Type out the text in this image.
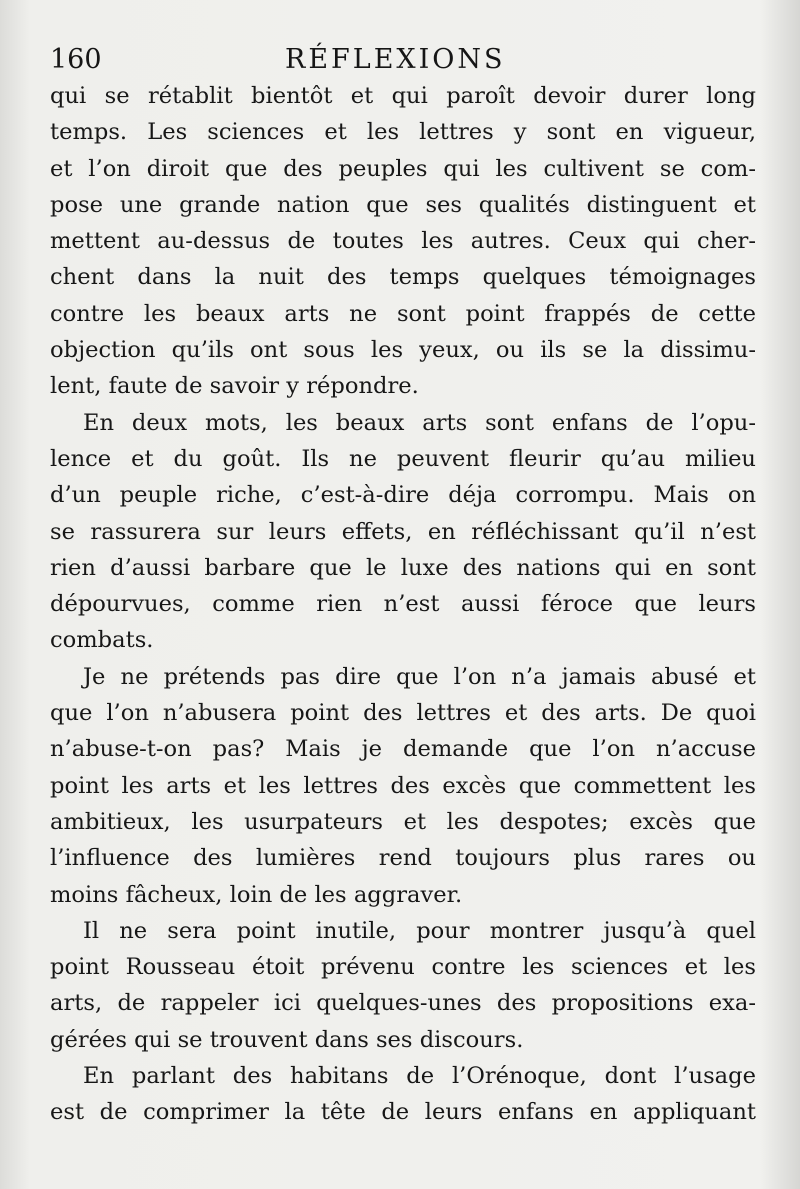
160	RÉFLEXIONS
qui se rétablit bientôt et qui paroît devoir durer long
temps. Les sciences et les lettres y sont en vigueur,
et l’on diroit que des peuples qui les cultivent se com-
pose une grande nation que ses qualités distinguent et
mettent au-dessus de toutes les autres. Ceux qui cher-
chent dans la nuit des temps quelques témoignages
contre les beaux arts ne sont point frappés de cette
objection qu’ils ont sous les yeux, ou ils se la dissimu-
lent, faute de savoir y répondre.
En deux mots, les beaux arts sont enfans de l’opu-
lence et du goût. Ils ne peuvent fleurir qu’au milieu
d’un peuple riche, c’est-à-dire déja corrompu. Mais on
se rassurera sur leurs effets, en réfléchissant qu’il n’est
rien d’aussi barbare que le luxe des nations qui en sont
dépourvues, comme rien n’est aussi féroce que leurs
combats.
Je ne prétends pas dire que l’on n’a jamais abusé et
que l’on n’abusera point des lettres et des arts. De quoi
n’abuse-t-on pas? Mais je demande que l’on n’accuse
point les arts et les lettres des excès que commettent les
ambitieux, les usurpateurs et les despotes; excès que
l’influence des lumières rend toujours plus rares ou
moins fâcheux, loin de les aggraver.
Il ne sera point inutile, pour montrer jusqu’à quel
point Rousseau étoit prévenu contre les sciences et les
arts, de rappeler ici quelques-unes des propositions exa-
gérées qui se trouvent dans ses discours.
En parlant des habitans de l’Orénoque, dont l’usage
est de comprimer la tête de leurs enfans en appliquant
